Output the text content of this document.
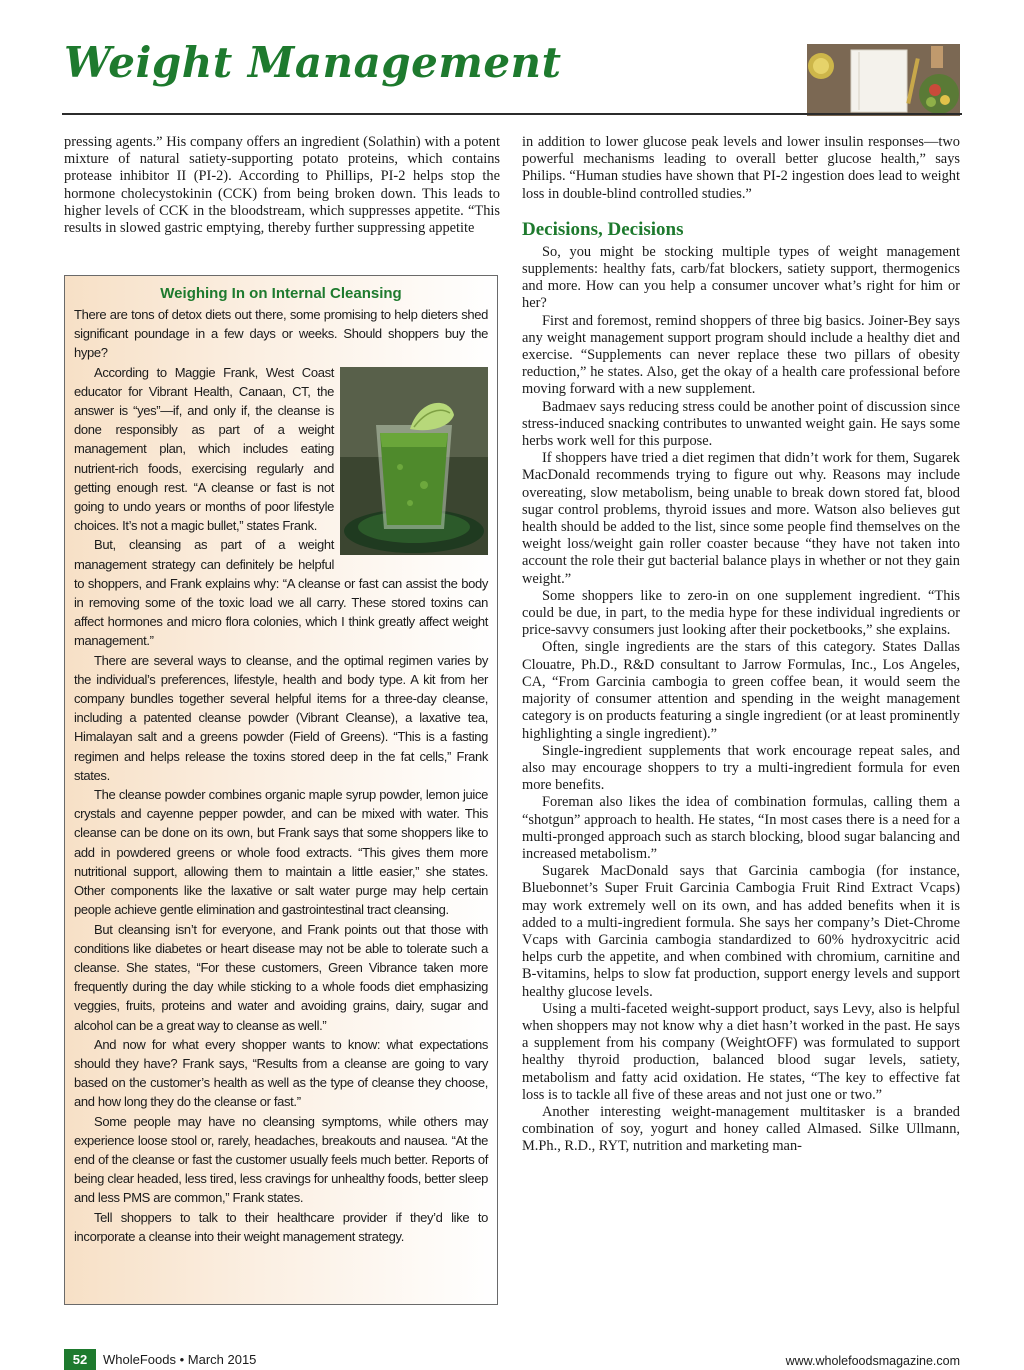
Weight Management

pressing agents.” His company offers an ingredient (Solathin) with a potent mixture of natural satiety-supporting potato proteins, which contains protease inhibitor II (PI-2). According to Phillips, PI-2 helps stop the hormone cholecystokinin (CCK) from being broken down. This leads to higher levels of CCK in the bloodstream, which suppresses appetite. “This results in slowed gastric emptying, thereby further suppressing appetite

Weighing In on Internal Cleansing

There are tons of detox diets out there, some promising to help dieters shed significant poundage in a few days or weeks. Should shoppers buy the hype?

According to Maggie Frank, West Coast educator for Vibrant Health, Canaan, CT, the answer is “yes”—if, and only if, the cleanse is done responsibly as part of a weight management plan, which includes eating nutrient-rich foods, exercising regularly and getting enough rest. “A cleanse or fast is not going to undo years or months of poor lifestyle choices. It’s not a magic bullet,” states Frank.

But, cleansing as part of a weight management strategy can definitely be helpful to shoppers, and Frank explains why: “A cleanse or fast can assist the body in removing some of the toxic load we all carry. These stored toxins can affect hormones and micro flora colonies, which I think greatly affect weight management.”

There are several ways to cleanse, and the optimal regimen varies by the individual’s preferences, lifestyle, health and body type. A kit from her company bundles together several helpful items for a three-day cleanse, including a patented cleanse powder (Vibrant Cleanse), a laxative tea, Himalayan salt and a greens powder (Field of Greens). “This is a fasting regimen and helps release the toxins stored deep in the fat cells,” Frank states.

The cleanse powder combines organic maple syrup powder, lemon juice crystals and cayenne pepper powder, and can be mixed with water. This cleanse can be done on its own, but Frank says that some shoppers like to add in powdered greens or whole food extracts. “This gives them more nutritional support, allowing them to maintain a little easier,” she states. Other components like the laxative or salt water purge may help certain people achieve gentle elimination and gastrointestinal tract cleansing.

But cleansing isn’t for everyone, and Frank points out that those with conditions like diabetes or heart disease may not be able to tolerate such a cleanse. She states, “For these customers, Green Vibrance taken more frequently during the day while sticking to a whole foods diet emphasizing veggies, fruits, proteins and water and avoiding grains, dairy, sugar and alcohol can be a great way to cleanse as well.”

And now for what every shopper wants to know: what expectations should they have? Frank says, “Results from a cleanse are going to vary based on the customer’s health as well as the type of cleanse they choose, and how long they do the cleanse or fast.”

Some people may have no cleansing symptoms, while others may experience loose stool or, rarely, headaches, breakouts and nausea. “At the end of the cleanse or fast the customer usually feels much better. Reports of being clear headed, less tired, less cravings for unhealthy foods, better sleep and less PMS are common,” Frank states.

Tell shoppers to talk to their healthcare provider if they’d like to incorporate a cleanse into their weight management strategy.

in addition to lower glucose peak levels and lower insulin responses—two powerful mechanisms leading to overall better glucose health,” says Philips. “Human studies have shown that PI-2 ingestion does lead to weight loss in double-blind controlled studies.”

Decisions, Decisions

So, you might be stocking multiple types of weight management supplements: healthy fats, carb/fat blockers, satiety support, thermogenics and more. How can you help a consumer uncover what’s right for him or her?

First and foremost, remind shoppers of three big basics. Joiner-Bey says any weight management support program should include a healthy diet and exercise. “Supplements can never replace these two pillars of obesity reduction,” he states. Also, get the okay of a health care professional before moving forward with a new supplement.

Badmaev says reducing stress could be another point of discussion since stress-induced snacking contributes to unwanted weight gain. He says some herbs work well for this purpose.

If shoppers have tried a diet regimen that didn’t work for them, Sugarek MacDonald recommends trying to figure out why. Reasons may include overeating, slow metabolism, being unable to break down stored fat, blood sugar control problems, thyroid issues and more. Watson also believes gut health should be added to the list, since some people find themselves on the weight loss/weight gain roller coaster because “they have not taken into account the role their gut bacterial balance plays in whether or not they gain weight.”

Some shoppers like to zero-in on one supplement ingredient. “This could be due, in part, to the media hype for these individual ingredients or price-savvy consumers just looking after their pocketbooks,” she explains.

Often, single ingredients are the stars of this category. States Dallas Clouatre, Ph.D., R&D consultant to Jarrow Formulas, Inc., Los Angeles, CA, “From Garcinia cambogia to green coffee bean, it would seem the majority of consumer attention and spending in the weight management category is on products featuring a single ingredient (or at least prominently highlighting a single ingredient).”

Single-ingredient supplements that work encourage repeat sales, and also may encourage shoppers to try a multi-ingredient formula for even more benefits.

Foreman also likes the idea of combination formulas, calling them a “shotgun” approach to health. He states, “In most cases there is a need for a multi-pronged approach such as starch blocking, blood sugar balancing and increased metabolism.”

Sugarek MacDonald says that Garcinia cambogia (for instance, Bluebonnet’s Super Fruit Garcinia Cambogia Fruit Rind Extract Vcaps) may work extremely well on its own, and has added benefits when it is added to a multi-ingredient formula. She says her company’s Diet-Chrome Vcaps with Garcinia cambogia standardized to 60% hydroxycitric acid helps curb the appetite, and when combined with chromium, carnitine and B-vitamins, helps to slow fat production, support energy levels and support healthy glucose levels.

Using a multi-faceted weight-support product, says Levy, also is helpful when shoppers may not know why a diet hasn’t worked in the past. He says a supplement from his company (WeightOFF) was formulated to support healthy thyroid production, balanced blood sugar levels, satiety, metabolism and fatty acid oxidation. He states, “The key to effective fat loss is to tackle all five of these areas and not just one or two.”

Another interesting weight-management multitasker is a branded combination of soy, yogurt and honey called Almased. Silke Ullmann, M.Ph., R.D., RYT, nutrition and marketing man-

52	WholeFoods • March 2015	www.wholefoodsmagazine.com
